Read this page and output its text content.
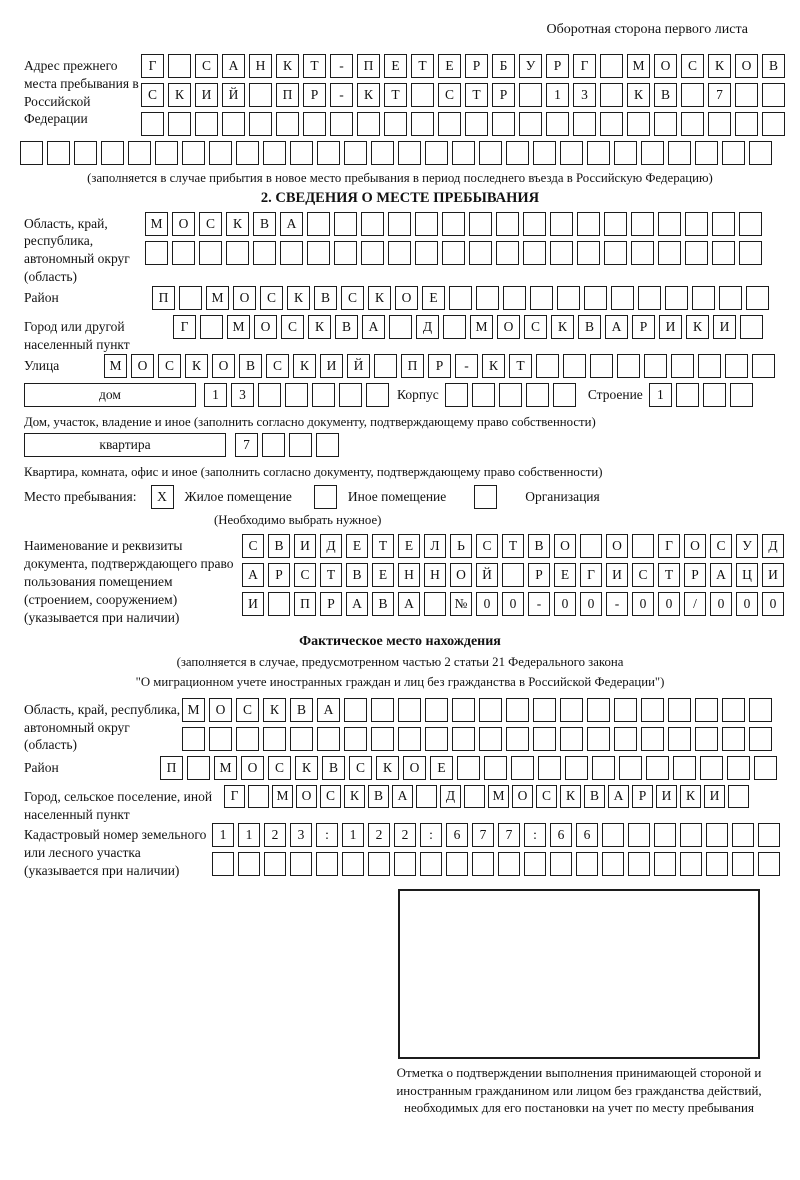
Оборотная сторона первого листа
Адрес прежнего места пребывания в Российской Федерации
Г	С	А	Н	К	Т	-	П	Е	Т	Е	Р	Б	У	Р	Г	М	О	С	К	О	В
С	К	И	Й	П	Р	-	К	Т	С	Т	Р	1	3	К	В	7
(заполняется в случае прибытия в новое место пребывания в период последнего въезда в Российскую Федерацию)
2. СВЕДЕНИЯ О МЕСТЕ ПРЕБЫВАНИЯ
Область, край, республика, автономный округ (область)
М	О	С	К	В	А
Район	П	М	О	С	К	В	С	К	О	Е
Город или другой населенный пункт
Г	М	О	С	К	В	А	Д	М	О	С	К	В	А	Р	И	К	И
Улица	М	О	С	К	О	В	С	К	И	Й	П	Р	-	К	Т
дом	1	3	Корпус	Строение	1
Дом, участок, владение и иное (заполнить согласно документу, подтверждающему право собственности)
квартира	7
Квартира, комната, офис и иное (заполнить согласно документу, подтверждающему право собственности)
Место пребывания:	X	Жилое помещение	Иное помещение	Организация
(Необходимо выбрать нужное)
Наименование и реквизиты документа, подтверждающего право пользования помещением (строением, сооружением) (указывается при наличии)
С	В	И	Д	Е	Т	Е	Л	Ь	С	Т	В	О	О	Г	О	С	У	Д
А	Р	С	Т	В	Е	Н	Н	О	Й	Р	Е	Г	И	С	Т	Р	А	Ц	И
И	П	Р	А	В	А	№	0	0	-	0	0	-	0	0	/	0	0	0
Фактическое место нахождения
(заполняется в случае, предусмотренном частью 2 статьи 21 Федерального закона
"О миграционном учете иностранных граждан и лиц без гражданства в Российской Федерации")
Область, край, республика, автономный округ (область)
М	О	С	К	В	А
Район	П	М	О	С	К	В	С	К	О	Е
Город, сельское поселение, иной населенный пункт
Г	М О	С	К	В	А	Д	М О	С	К	В	А	Р	И	К	И
Кадастровый номер земельного или лесного участка (указывается при наличии)
1	1	2	3	:	1	2	2	:	6	7	7	:	6	6
Отметка о подтверждении выполнения принимающей стороной и иностранным гражданином или лицом без гражданства действий, необходимых для его постановки на учет по месту пребывания
